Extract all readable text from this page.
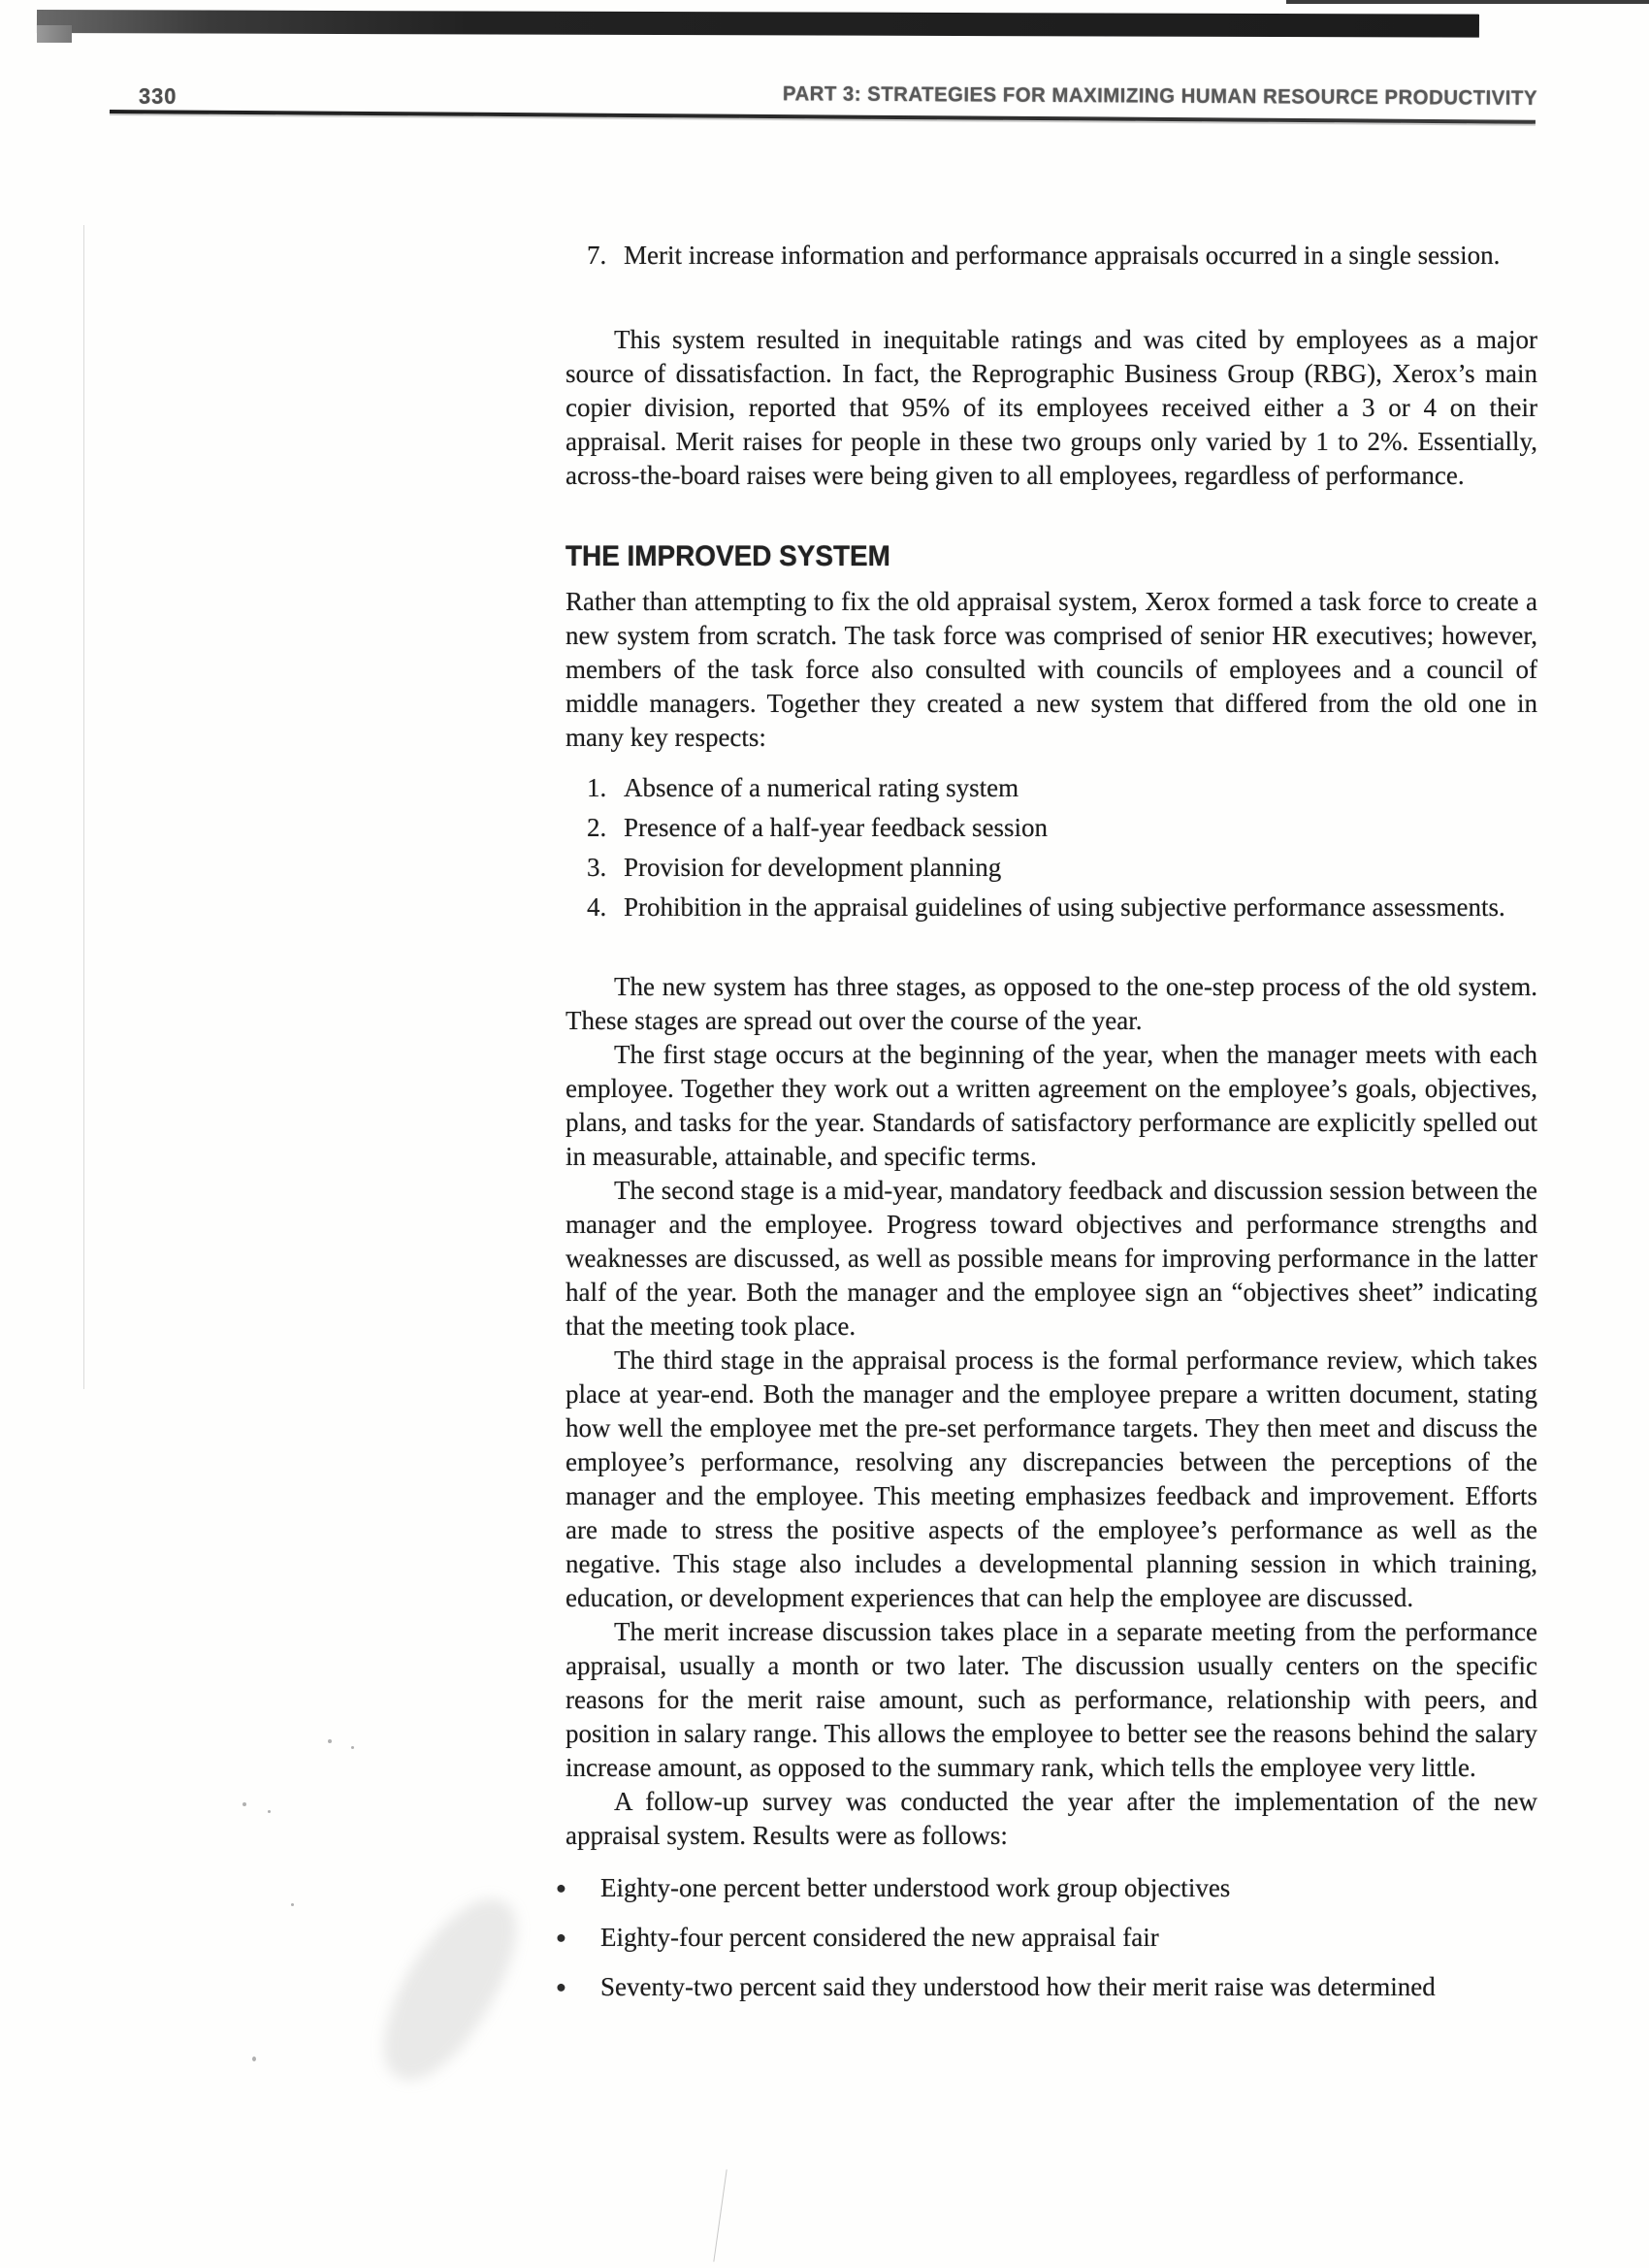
330	PART 3: STRATEGIES FOR MAXIMIZING HUMAN RESOURCE PRODUCTIVITY
7. Merit increase information and performance appraisals occurred in a single session.

This system resulted in inequitable ratings and was cited by employees as a major source of dissatisfaction. In fact, the Reprographic Business Group (RBG), Xerox’s main copier division, reported that 95% of its employees received either a 3 or 4 on their appraisal. Merit raises for people in these two groups only varied by 1 to 2%. Essentially, across-the-board raises were being given to all employees, regardless of performance.

THE IMPROVED SYSTEM

Rather than attempting to fix the old appraisal system, Xerox formed a task force to create a new system from scratch. The task force was comprised of senior HR executives; however, members of the task force also consulted with councils of employees and a council of middle managers. Together they created a new system that differed from the old one in many key respects:

1. Absence of a numerical rating system
2. Presence of a half-year feedback session
3. Provision for development planning
4. Prohibition in the appraisal guidelines of using subjective performance assessments.

The new system has three stages, as opposed to the one-step process of the old system. These stages are spread out over the course of the year.

The first stage occurs at the beginning of the year, when the manager meets with each employee. Together they work out a written agreement on the employee’s goals, objectives, plans, and tasks for the year. Standards of satisfactory performance are explicitly spelled out in measurable, attainable, and specific terms.

The second stage is a mid-year, mandatory feedback and discussion session between the manager and the employee. Progress toward objectives and performance strengths and weaknesses are discussed, as well as possible means for improving performance in the latter half of the year. Both the manager and the employee sign an “objectives sheet” indicating that the meeting took place.

The third stage in the appraisal process is the formal performance review, which takes place at year-end. Both the manager and the employee prepare a written document, stating how well the employee met the pre-set performance targets. They then meet and discuss the employee’s performance, resolving any discrepancies between the perceptions of the manager and the employee. This meeting emphasizes feedback and improvement. Efforts are made to stress the positive aspects of the employee’s performance as well as the negative. This stage also includes a developmental planning session in which training, education, or development experiences that can help the employee are discussed.

The merit increase discussion takes place in a separate meeting from the performance appraisal, usually a month or two later. The discussion usually centers on the specific reasons for the merit raise amount, such as performance, relationship with peers, and position in salary range. This allows the employee to better see the reasons behind the salary increase amount, as opposed to the summary rank, which tells the employee very little.

A follow-up survey was conducted the year after the implementation of the new appraisal system. Results were as follows:

●	Eighty-one percent better understood work group objectives
●	Eighty-four percent considered the new appraisal fair
●	Seventy-two percent said they understood how their merit raise was determined
